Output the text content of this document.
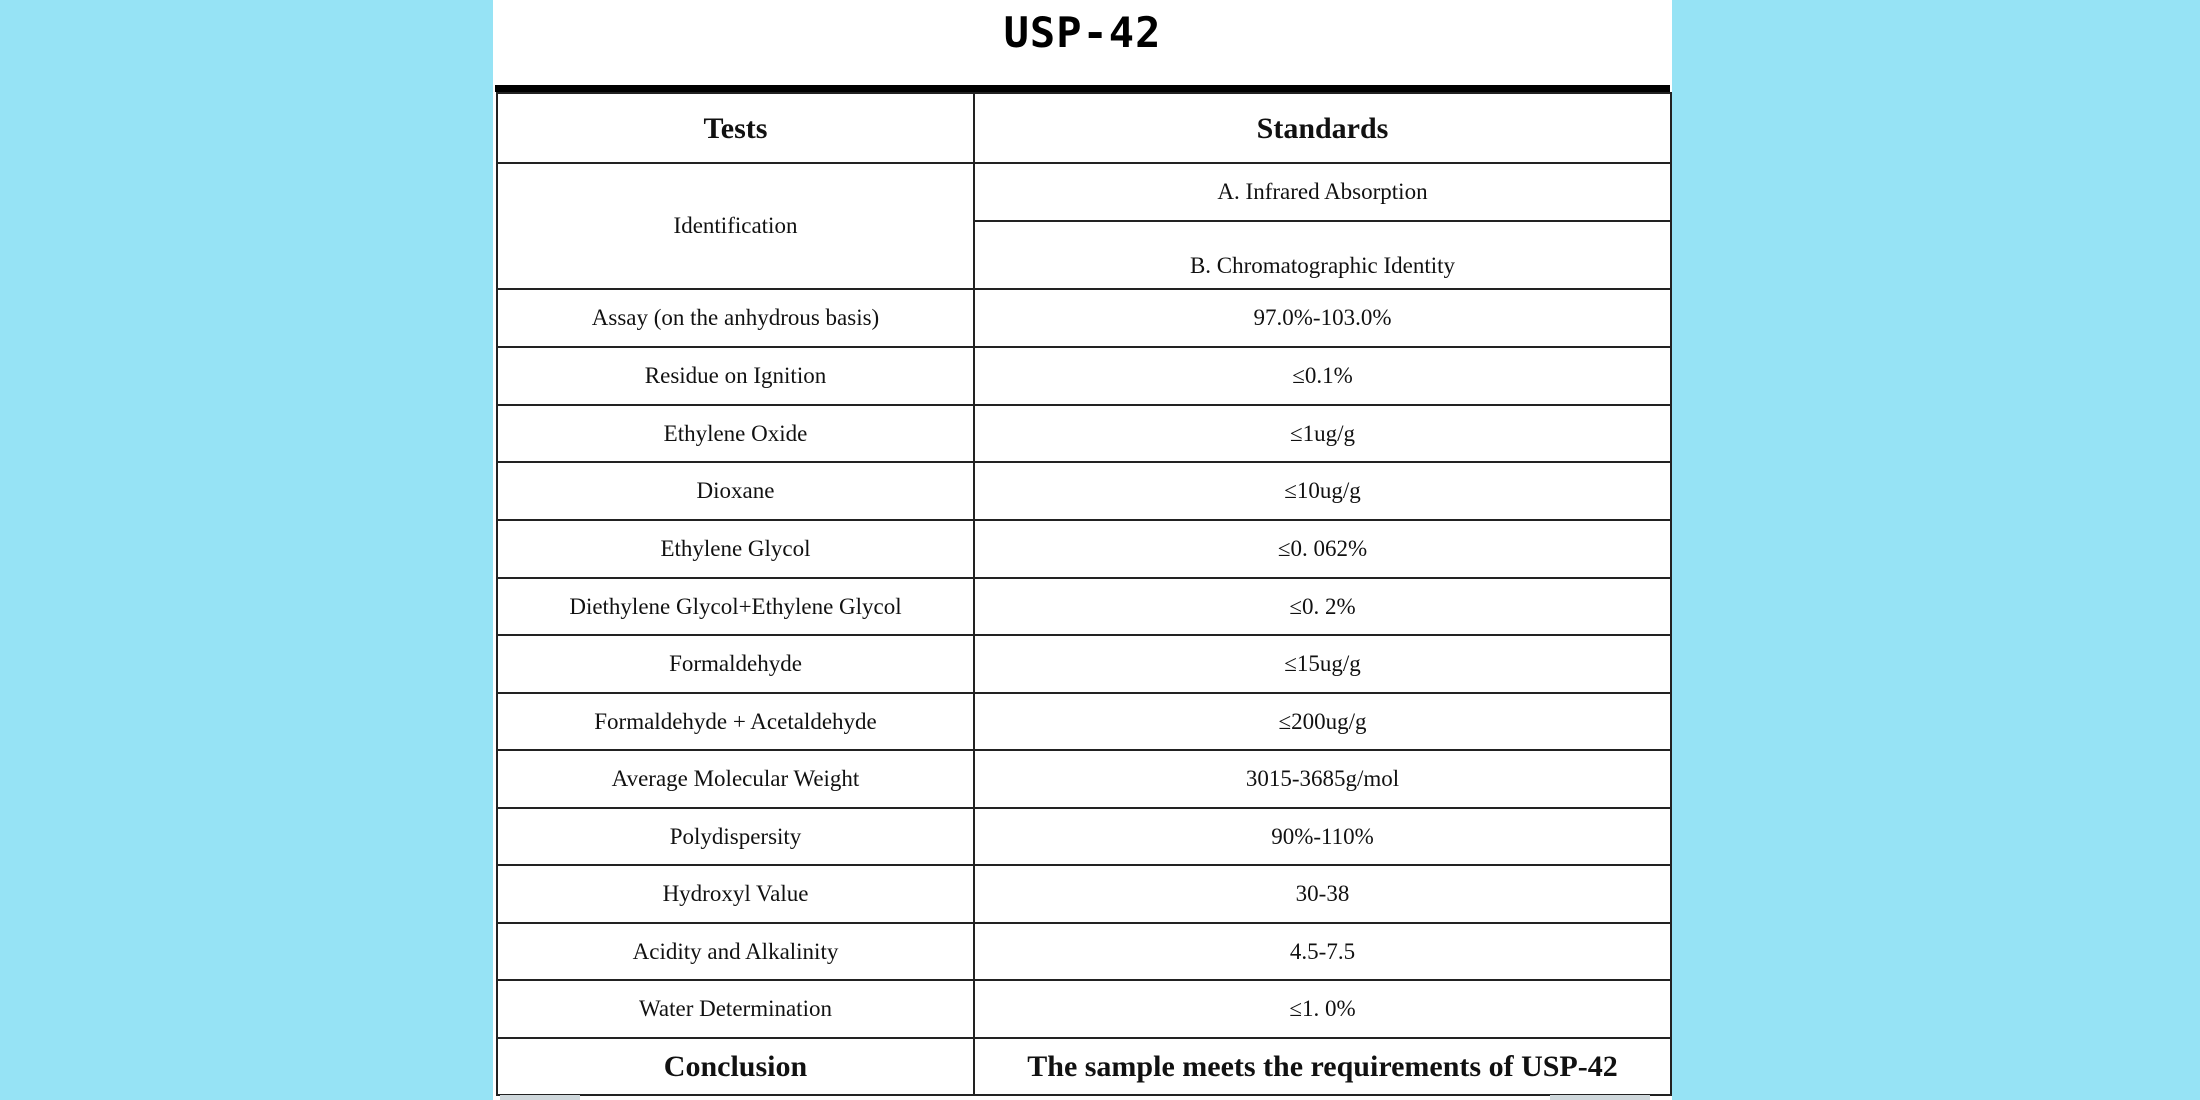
USP-42
Tests	Standards
Identification	A. Infrared Absorption
	B. Chromatographic Identity
Assay (on the anhydrous basis)	97.0%-103.0%
Residue on Ignition	≤0.1%
Ethylene Oxide	≤1ug/g
Dioxane	≤10ug/g
Ethylene Glycol	≤0. 062%
Diethylene Glycol+Ethylene Glycol	≤0. 2%
Formaldehyde	≤15ug/g
Formaldehyde + Acetaldehyde	≤200ug/g
Average Molecular Weight	3015-3685g/mol
Polydispersity	90%-110%
Hydroxyl Value	30-38
Acidity and Alkalinity	4.5-7.5
Water Determination	≤1. 0%
Conclusion	The sample meets the requirements of USP-42
